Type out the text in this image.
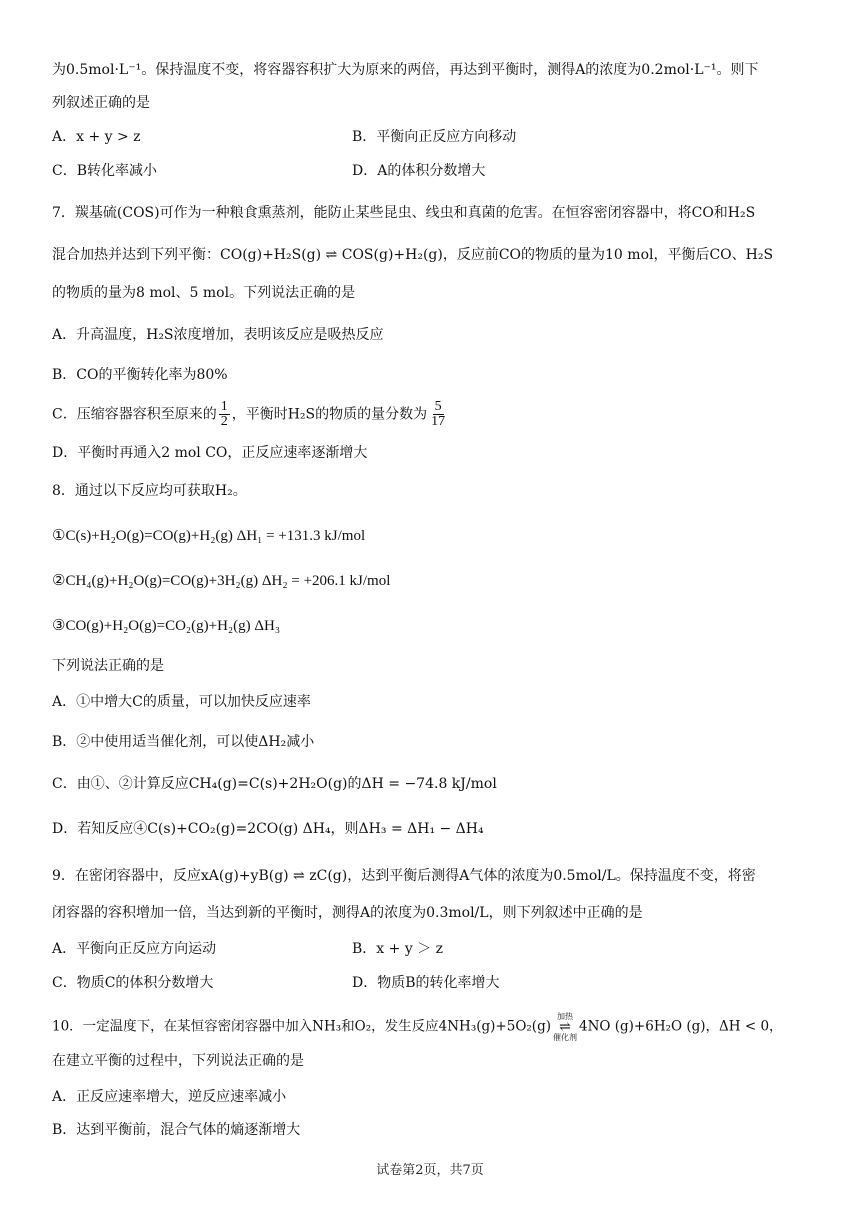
为0.5mol·L⁻¹。保持温度不变，将容器容积扩大为原来的两倍，再达到平衡时，测得A的浓度为0.2mol·L⁻¹。则下
列叙述正确的是
A．x + y > z	B．平衡向正反应方向移动
C．B转化率减小	D．A的体积分数增大
7．羰基硫(COS)可作为一种粮食熏蒸剂，能防止某些昆虫、线虫和真菌的危害。在恒容密闭容器中，将CO和H₂S
混合加热并达到下列平衡：CO(g)+H₂S(g) ⇌ COS(g)+H₂(g)，反应前CO的物质的量为10 mol，平衡后CO、H₂S
的物质的量为8 mol、5 mol。下列说法正确的是
A．升高温度，H₂S浓度增加，表明该反应是吸热反应
B．CO的平衡转化率为80%
C．压缩容器容积至原来的 $\frac{1}{2}$ ，平衡时H₂S的物质的量分数为 $\frac{5}{17}$
D．平衡时再通入2 mol CO，正反应速率逐渐增大
8．通过以下反应均可获取H₂。
①C(s)+H₂O(g)=CO(g)+H₂(g) ΔH₁ = +131.3 kJ/mol
②CH₄(g)+H₂O(g)=CO(g)+3H₂(g) ΔH₂ = +206.1 kJ/mol
③CO(g)+H₂O(g)=CO₂(g)+H₂(g) ΔH₃
下列说法正确的是
A．①中增大C的质量，可以加快反应速率
B．②中使用适当催化剂，可以使ΔH₂减小
C．由①、②计算反应CH₄(g)=C(s)+2H₂O(g)的ΔH = −74.8 kJ/mol
D．若知反应④C(s)+CO₂(g)=2CO(g) ΔH₄，则ΔH₃ = ΔH₁ − ΔH₄
9．在密闭容器中，反应xA(g)+yB(g) ⇌ zC(g)，达到平衡后测得A气体的浓度为0.5mol/L。保持温度不变，将密
闭容器的容积增加一倍，当达到新的平衡时，测得A的浓度为0.3mol/L，则下列叙述中正确的是
A．平衡向正反应方向运动	B．x + y ＞ z
C．物质C的体积分数增大	D．物质B的转化率增大
10．一定温度下，在某恒容密闭容器中加入NH₃和O₂，发生反应4NH₃(g)+5O₂(g)
加热
⇌
催化剂
4NO (g)+6H₂O (g)，ΔH < 0，
在建立平衡的过程中，下列说法正确的是
A．正反应速率增大，逆反应速率减小
B．达到平衡前，混合气体的熵逐渐增大
试卷第2页，共7页
